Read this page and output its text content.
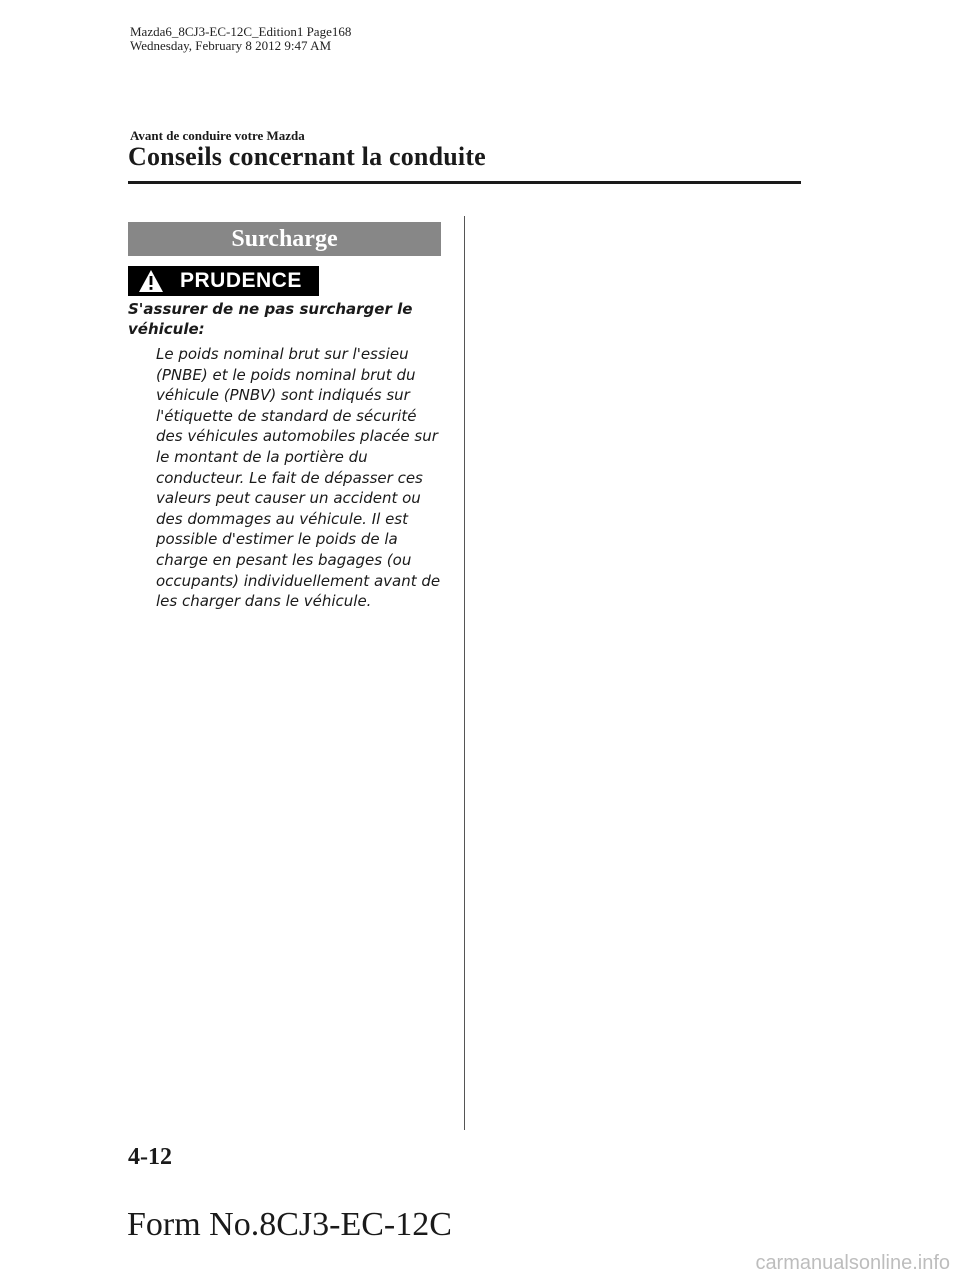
Mazda6_8CJ3-EC-12C_Edition1 Page168
Wednesday, February 8 2012 9:47 AM
Avant de conduire votre Mazda
Conseils concernant la conduite
Surcharge
PRUDENCE
S'assurer de ne pas surcharger le véhicule:
Le poids nominal brut sur l'essieu (PNBE) et le poids nominal brut du véhicule (PNBV) sont indiqués sur l'étiquette de standard de sécurité des véhicules automobiles placée sur le montant de la portière du conducteur. Le fait de dépasser ces valeurs peut causer un accident ou des dommages au véhicule. Il est possible d'estimer le poids de la charge en pesant les bagages (ou occupants) individuellement avant de les charger dans le véhicule.
4-12
Form No.8CJ3-EC-12C
carmanualsonline.info
